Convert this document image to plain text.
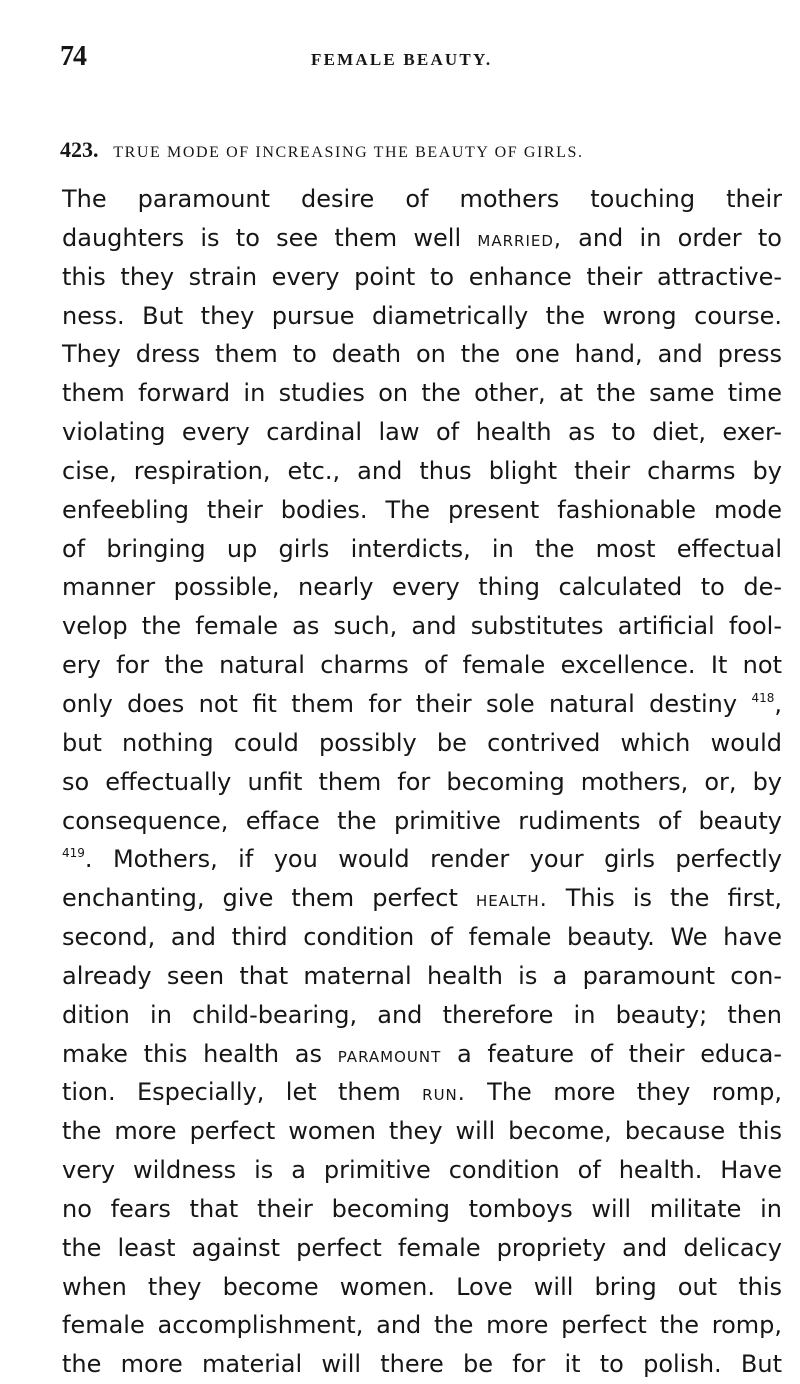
74	FEMALE BEAUTY.
423. TRUE MODE OF INCREASING THE BEAUTY OF GIRLS.
The paramount desire of mothers touching their
daughters is to see them well married, and in order to
this they strain every point to enhance their attractive-
ness. But they pursue diametrically the wrong course.
They dress them to death on the one hand, and press
them forward in studies on the other, at the same time
violating every cardinal law of health as to diet, exer-
cise, respiration, etc., and thus blight their charms by
enfeebling their bodies. The present fashionable mode
of bringing up girls interdicts, in the most effectual
manner possible, nearly every thing calculated to de-
velop the female as such, and substitutes artificial fool-
ery for the natural charms of female excellence. It not
only does not fit them for their sole natural destiny $^{418}$,
but nothing could possibly be contrived which would
so effectually unfit them for becoming mothers, or, by
consequence, efface the primitive rudiments of beauty
$^{419}$. Mothers, if you would render your girls perfectly
enchanting, give them perfect health. This is the first,
second, and third condition of female beauty. We have
already seen that maternal health is a paramount con-
dition in child-bearing, and therefore in beauty; then
make this health as paramount a feature of their educa-
tion. Especially, let them run. The more they romp,
the more perfect women they will become, because this
very wildness is a primitive condition of health. Have
no fears that their becoming tomboys will militate in
the least against perfect female propriety and delicacy
when they become women. Love will bring out this
female accomplishment, and the more perfect the romp,
the more material will there be for it to polish. But
